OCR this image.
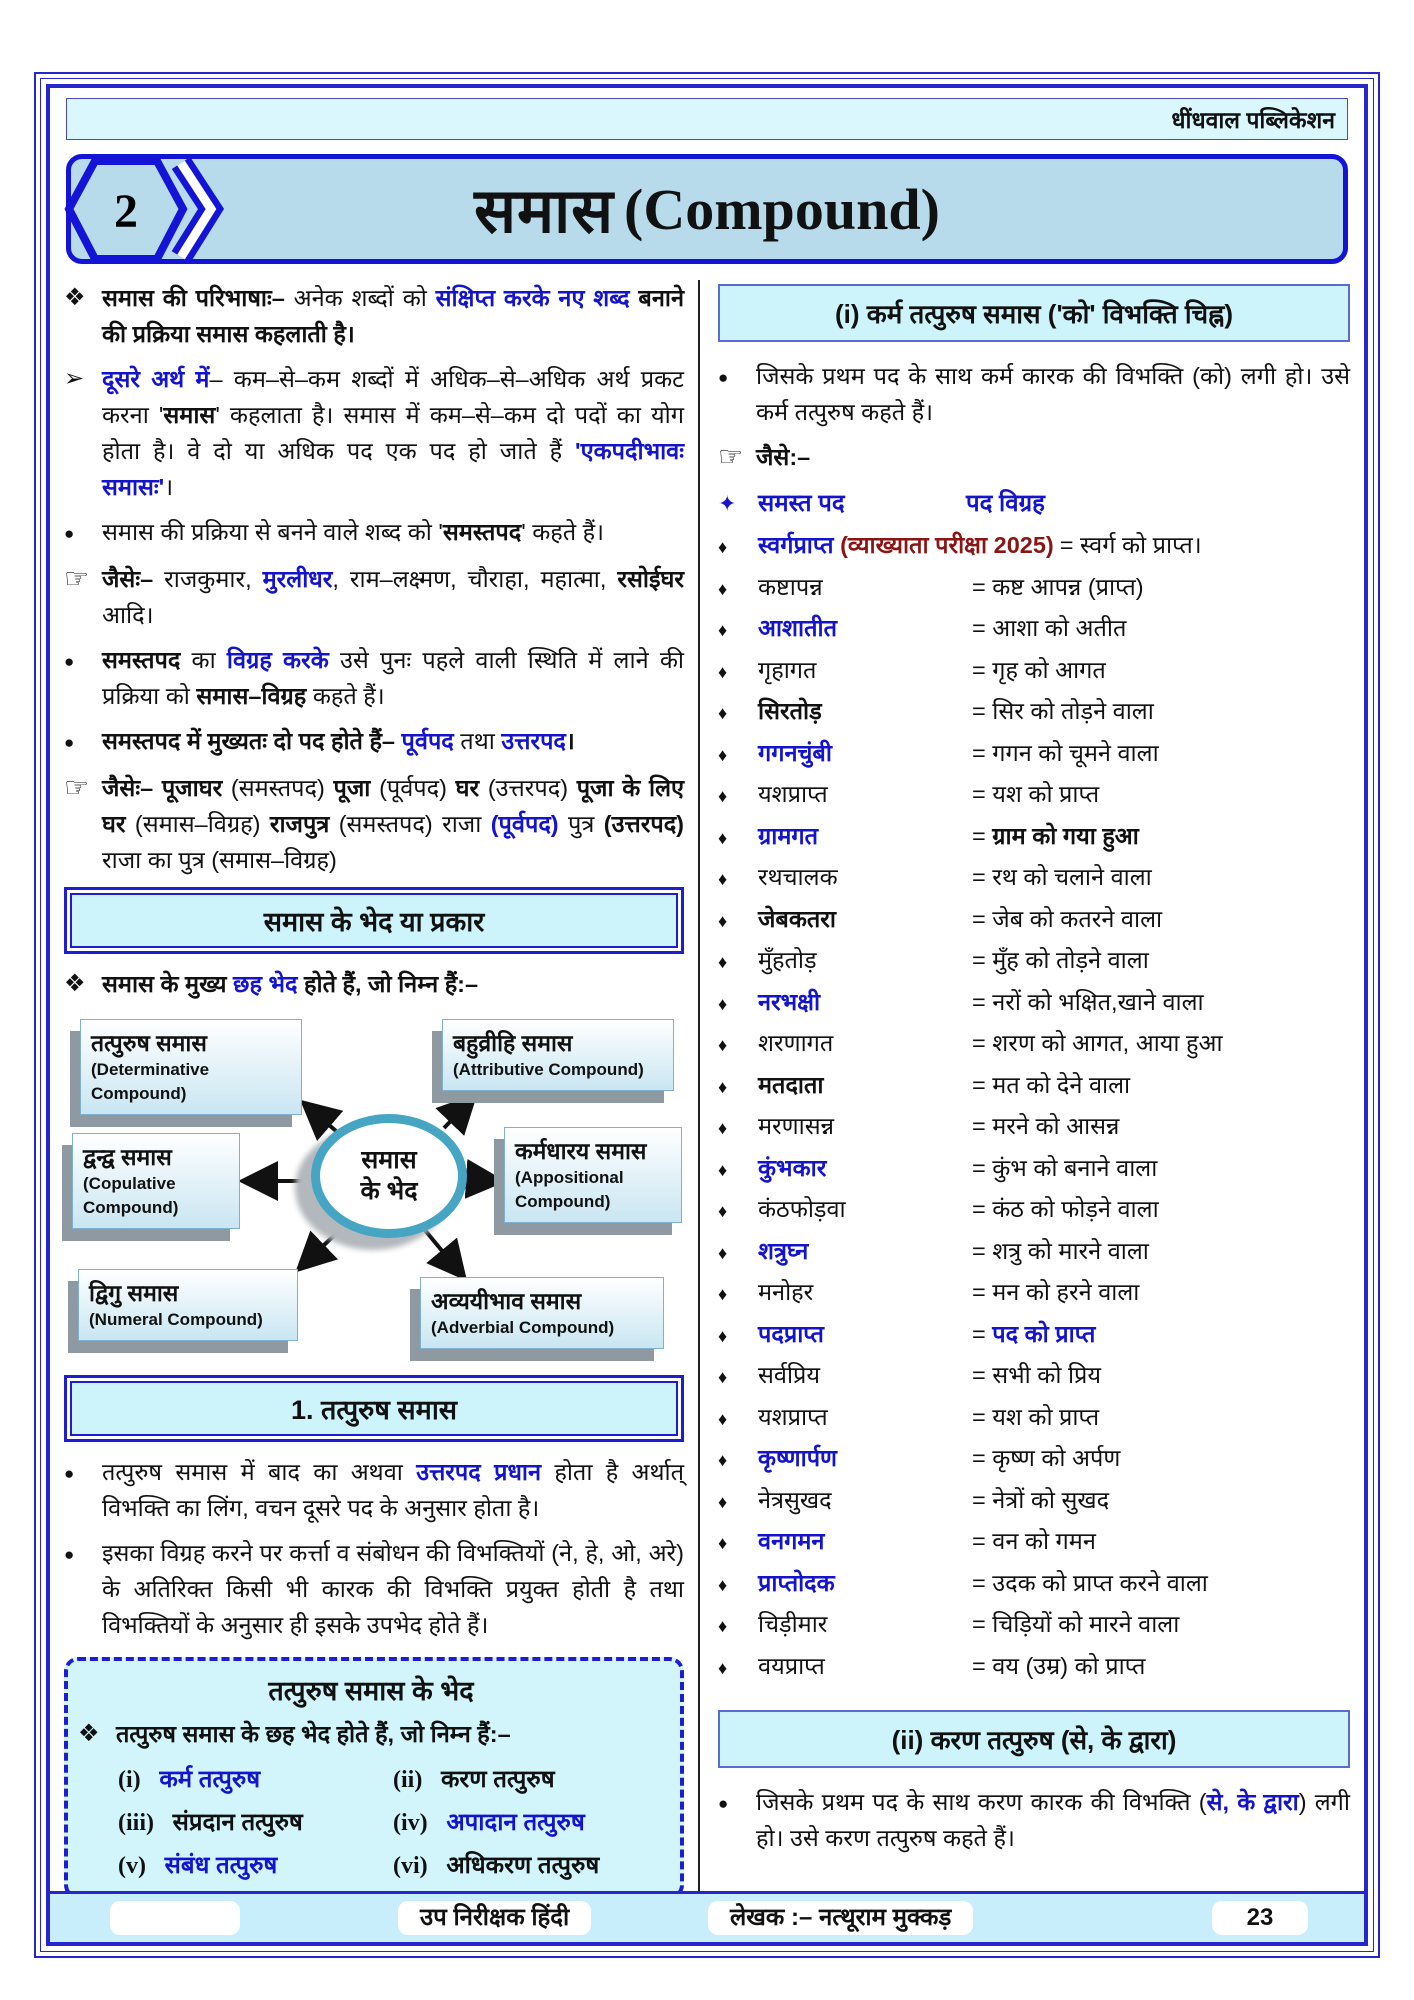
धींधवाल पब्लिकेशन
2	समास (Compound)
❖
समास की परिभाषाः– अनेक शब्दों को संक्षिप्त करके नए शब्द बनाने की प्रक्रिया समास कहलाती है।
➢
दूसरे अर्थ में– कम–से–कम शब्दों में अधिक–से–अधिक अर्थ प्रकट करना 'समास' कहलाता है। समास में कम–से–कम दो पदों का योग होता है। वे दो या अधिक पद एक पद हो जाते हैं 'एकपदीभावः समासः'।
●
समास की प्रक्रिया से बनने वाले शब्द को 'समस्तपद' कहते हैं।
☞
जैसेः– राजकुमार, मुरलीधर, राम–लक्ष्मण, चौराहा, महात्मा, रसोईघर आदि।
●
समस्तपद का विग्रह करके उसे पुनः पहले वाली स्थिति में लाने की प्रक्रिया को समास–विग्रह कहते हैं।
●
समस्तपद में मुख्यतः दो पद होते हैं– पूर्वपद तथा उत्तरपद।
☞
जैसेः– पूजाघर (समस्तपद) पूजा (पूर्वपद) घर (उत्तरपद) पूजा के लिए घर (समास–विग्रह) राजपुत्र (समस्तपद) राजा (पूर्वपद) पुत्र (उत्तरपद) राजा का पुत्र (समास–विग्रह)
समास के भेद या प्रकार
❖
समास के मुख्य छह भेद होते हैं, जो निम्न हैं:–
तत्पुरुष समास
(Determinative Compound)
बहुव्रीहि समास
(Attributive Compound)
द्वन्द्व समास
(Copulative Compound)
कर्मधारय समास
(Appositional Compound)
द्विगु समास
(Numeral Compound)
अव्ययीभाव समास
(Adverbial Compound)
समास
के भेद
1. तत्पुरुष समास
●
तत्पुरुष समास में बाद का अथवा उत्तरपद प्रधान होता है अर्थात् विभक्ति का लिंग, वचन दूसरे पद के अनुसार होता है।
●
इसका विग्रह करने पर कर्त्ता व संबोधन की विभक्तियों (ने, हे, ओ, अरे) के अतिरिक्त किसी भी कारक की विभक्ति प्रयुक्त होती है तथा विभक्तियों के अनुसार ही इसके उपभेद होते हैं।
तत्पुरुष समास के भेद
❖
तत्पुरुष समास के छह भेद होते हैं, जो निम्न हैं:–
(i) कर्म तत्पुरुष	(ii) करण तत्पुरुष
(iii) संप्रदान तत्पुरुष	(iv) अपादान तत्पुरुष
(v) संबंध तत्पुरुष	(vi) अधिकरण तत्पुरुष
(i) कर्म तत्पुरुष समास ('को' विभक्ति चिह्न)
●
जिसके प्रथम पद के साथ कर्म कारक की विभक्ति (को) लगी हो। उसे कर्म तत्पुरुष कहते हैं।
☞
जैसे:–
✦
समस्त पद	पद विग्रह
♦
स्वर्गप्राप्त (व्याख्याता परीक्षा 2025) = स्वर्ग को प्राप्त।
♦
कष्टापन्न	= कष्ट आपन्न (प्राप्त)
♦
आशातीत	= आशा को अतीत
♦
गृहागत	= गृह को आगत
♦
सिरतोड़	= सिर को तोड़ने वाला
♦
गगनचुंबी	= गगन को चूमने वाला
♦
यशप्राप्त	= यश को प्राप्त
♦
ग्रामगत	= ग्राम को गया हुआ
♦
रथचालक	= रथ को चलाने वाला
♦
जेबकतरा	= जेब को कतरने वाला
♦
मुँहतोड़	= मुँह को तोड़ने वाला
♦
नरभक्षी	= नरों को भक्षित,खाने वाला
♦
शरणागत	= शरण को आगत, आया हुआ
♦
मतदाता	= मत को देने वाला
♦
मरणासन्न	= मरने को आसन्न
♦
कुंभकार	= कुंभ को बनाने वाला
♦
कंठफोड़वा	= कंठ को फोड़ने वाला
♦
शत्रुघ्न	= शत्रु को मारने वाला
♦
मनोहर	= मन को हरने वाला
♦
पदप्राप्त	= पद को प्राप्त
♦
सर्वप्रिय	= सभी को प्रिय
♦
यशप्राप्त	= यश को प्राप्त
♦
कृष्णार्पण	= कृष्ण को अर्पण
♦
नेत्रसुखद	= नेत्रों को सुखद
♦
वनगमन	= वन को गमन
♦
प्राप्तोदक	= उदक को प्राप्त करने वाला
♦
चिड़ीमार	= चिड़ियों को मारने वाला
♦
वयप्राप्त	= वय (उम्र) को प्राप्त
(ii) करण तत्पुरुष (से, के द्वारा)
●
जिसके प्रथम पद के साथ करण कारक की विभक्ति (से, के द्वारा) लगी हो। उसे करण तत्पुरुष कहते हैं।
उप निरीक्षक हिंदी	लेखक :– नत्थूराम मुक्कड़	23
